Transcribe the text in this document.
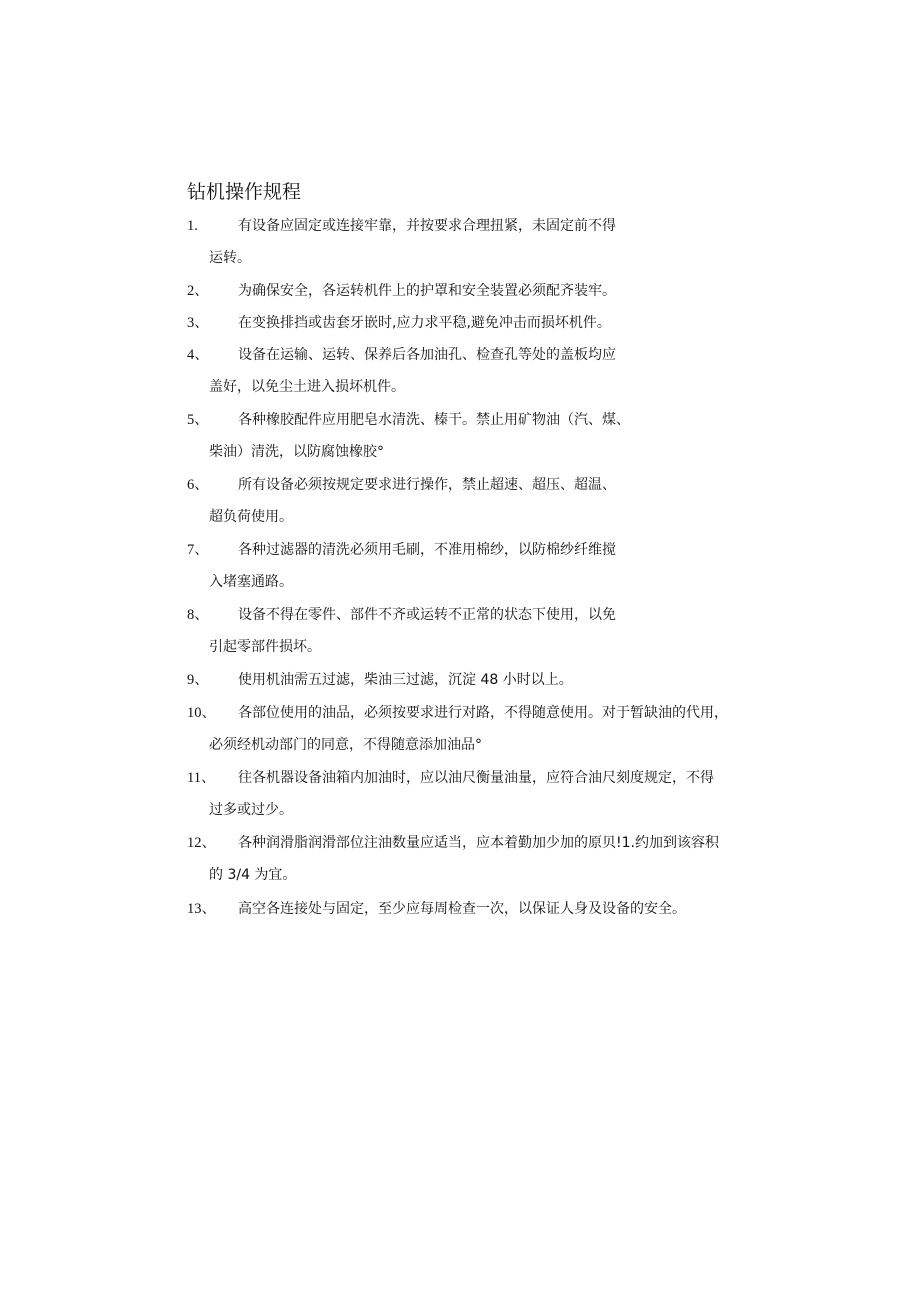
钻机操作规程
1.	有设备应固定或连接牢靠，并按要求合理扭紧，未固定前不得
运转。
2、	为确保安全，各运转机件上的护罩和安全装置必须配齐装牢。
3、	在变换排挡或齿套牙嵌时,应力求平稳,避免冲击而损坏机件。
4、	设备在运输、运转、保养后各加油孔、检查孔等处的盖板均应
盖好，以免尘土进入损坏机件。
5、	各种橡胶配件应用肥皂水清洗、榛干。禁止用矿物油（汽、煤、
柴油）清洗，以防腐蚀橡胶°
6、	所有设备必须按规定要求进行操作，禁止超速、超压、超温、
超负荷使用。
7、	各种过滤器的清洗必须用毛刷，不准用棉纱，以防棉纱纤维搅
入堵塞通路。
8、	设备不得在零件、部件不齐或运转不正常的状态下使用，以免
引起零部件损坏。
9、	使用机油需五过滤，柴油三过滤，沉淀 48 小时以上。
10、	各部位使用的油品，必须按要求进行对路，不得随意使用。对于暂缺油的代用，
必须经机动部门的同意，不得随意添加油品°
11、	往各机器设备油箱内加油时，应以油尺衡量油量，应符合油尺刻度规定，不得
过多或过少。
12、	各种润滑脂润滑部位注油数量应适当，应本着勤加少加的原贝!1.约加到该容积
的 3/4 为宜。
13、	高空各连接处与固定，至少应每周检查一次，以保证人身及设备的安全。
